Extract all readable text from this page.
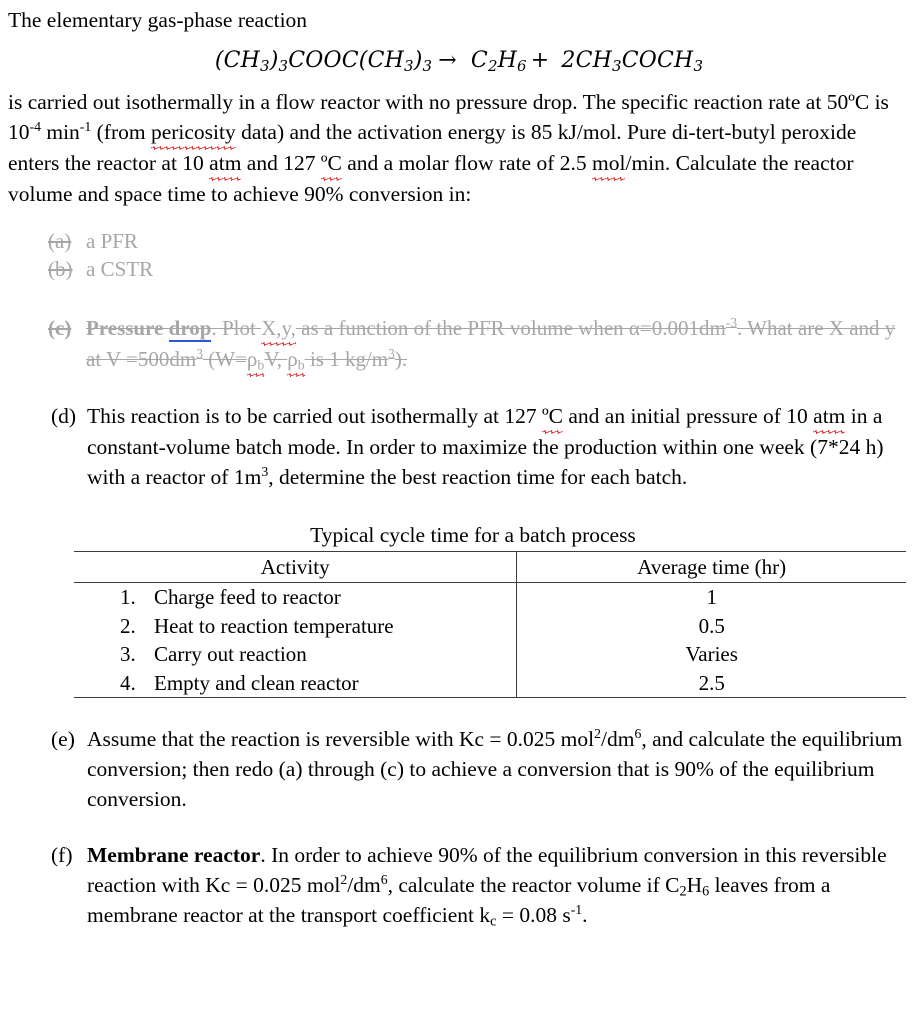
The elementary gas-phase reaction
$(CH_3)_3COOC(CH_3)_3 \to C_2H_6$ + $2CH_3COCH_3$
is carried out isothermally in a flow reactor with no pressure drop. The specific reaction rate at 50ºC is $10^{-4}$ $\min^{-1}$ (from pericosity data) and the activation energy is 85 kJ/mol. Pure di-tert-butyl peroxide enters the reactor at 10 atm and 127 ºC and a molar flow rate of 2.5 mol/min. Calculate the reactor volume and space time to achieve 90% conversion in:
(a) a PFR
(b) a CSTR
(c) Pressure drop. Plot X,y, as a function of the PFR volume when $\alpha=0.001dm^{-3}$. What are X and y at $V =500dm^3$ ($W=\rho_bV$, $\rho_b$ is 1 $kg/m^3$).
(d) This reaction is to be carried out isothermally at 127 ºC and an initial pressure of 10 atm in a constant-volume batch mode. In order to maximize the production within one week (7*24 h) with a reactor of $1m^3$, determine the best reaction time for each batch.
Typical cycle time for a batch process
Activity	Average time (hr)
1. Charge feed to reactor	1
2. Heat to reaction temperature	0.5
3. Carry out reaction	Varies
4. Empty and clean reactor	2.5
(e) Assume that the reaction is reversible with Kc = 0.025 $mol^2/dm^6$, and calculate the equilibrium conversion; then redo (a) through (c) to achieve a conversion that is 90% of the equilibrium conversion.
(f) Membrane reactor. In order to achieve 90% of the equilibrium conversion in this reversible reaction with Kc = 0.025 $mol^2/dm^6$, calculate the reactor volume if $C_2H_6$ leaves from a membrane reactor at the transport coefficient $k_c = 0.08$ $s^{-1}$.
